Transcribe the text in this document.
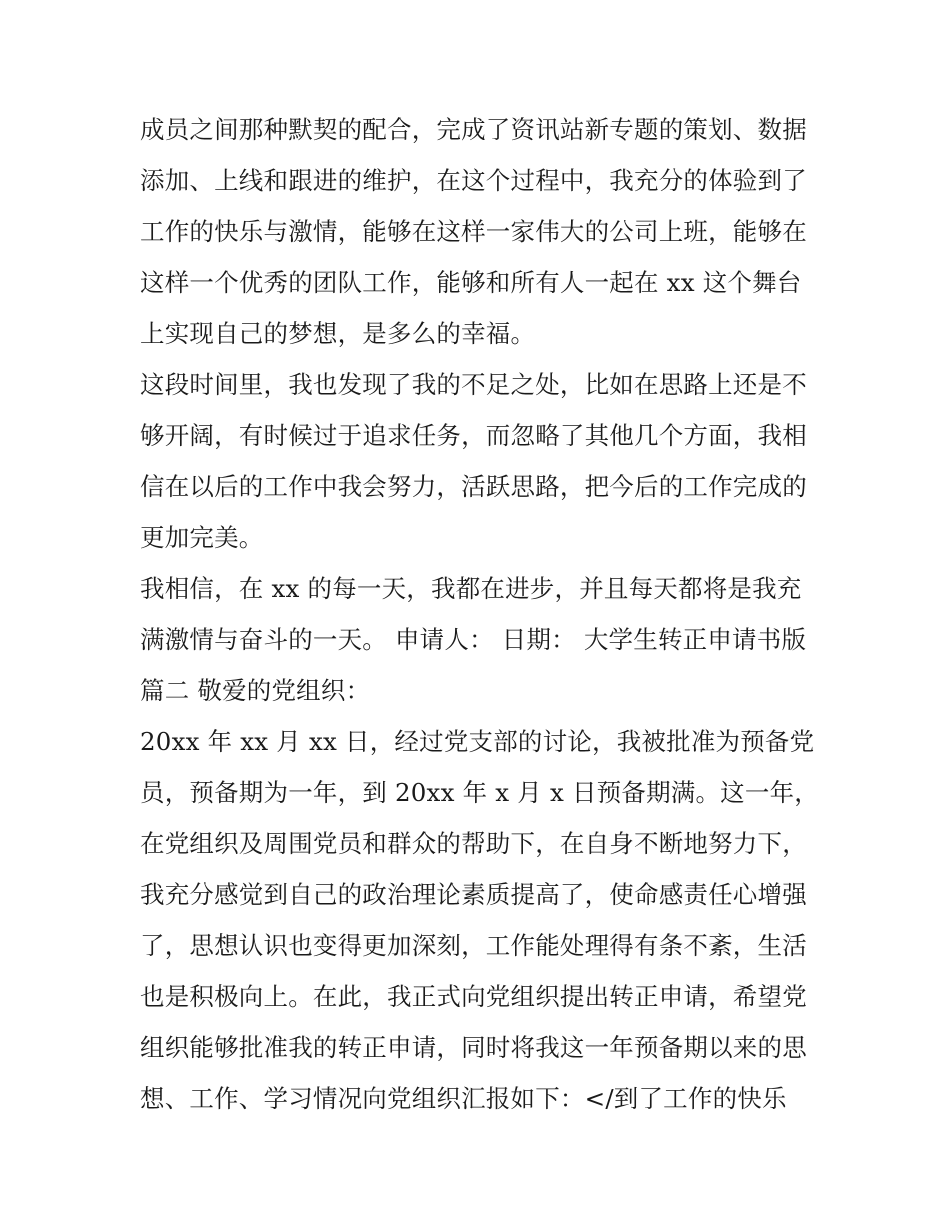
成员之间那种默契的配合，完成了资讯站新专题的策划、数据
添加、上线和跟进的维护，在这个过程中，我充分的体验到了
工作的快乐与激情，能够在这样一家伟大的公司上班，能够在
这样一个优秀的团队工作，能够和所有人一起在 xx 这个舞台
上实现自己的梦想，是多么的幸福。
这段时间里，我也发现了我的不足之处，比如在思路上还是不
够开阔，有时候过于追求任务，而忽略了其他几个方面，我相
信在以后的工作中我会努力，活跃思路，把今后的工作完成的
更加完美。
我相信，在 xx 的每一天，我都在进步，并且每天都将是我充
满激情与奋斗的一天。 申请人： 日期： 大学生转正申请书版
篇二 敬爱的党组织：
20xx 年 xx 月 xx 日，经过党支部的讨论，我被批准为预备党
员，预备期为一年，到 20xx 年 x 月 x 日预备期满。这一年，
在党组织及周围党员和群众的帮助下，在自身不断地努力下，
我充分感觉到自己的政治理论素质提高了，使命感责任心增强
了，思想认识也变得更加深刻，工作能处理得有条不紊，生活
也是积极向上。在此，我正式向党组织提出转正申请，希望党
组织能够批准我的转正申请，同时将我这一年预备期以来的思
想、工作、学习情况向党组织汇报如下：</到了工作的快乐
